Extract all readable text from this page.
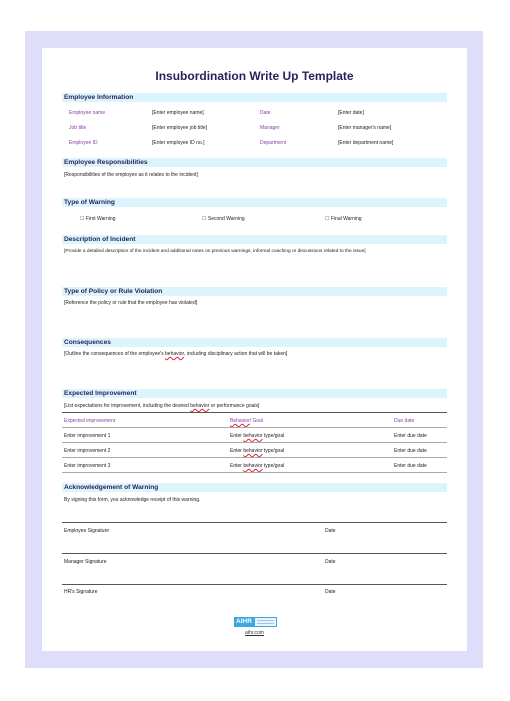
Insubordination Write Up Template
Employee Information
Employee name	[Enter employee name]	Date	[Enter date]
Job title	[Enter employee job title]	Manager	[Enter manager's name]
Employee ID	[Enter employee ID no.]	Department	[Enter department name]
Employee Responsibilities
[Responsibilities of the employee as it relates to the incident]
Type of Warning
☐ First Warning	☐ Second Warning	☐ Final Warning
Description of Incident
[Provide a detailed description of the incident and additional notes on previous warnings, informal coaching or discussions related to the issue]
Type of Policy or Rule Violation
[Reference the policy or rule that the employee has violated]
Consequences
[Outline the consequences of the employee's behavior, including disciplinary action that will be taken]
Expected Improvement
[List expectations for improvement, including the desired behavior or performance goals]
Expected improvement	Behavior/ Goal	Due date
Enter improvement 1	Enter behavior type/goal	Enter due date
Enter improvement 2	Enter behavior type/goal	Enter due date
Enter improvement 3	Enter behavior type/goal	Enter due date
Acknowledgement of Warning
By signing this form, you acknowledge receipt of this warning.
Employee Signature	Date
Manager Signature	Date
HR's Signature	Date
AIHR
aihr.com
